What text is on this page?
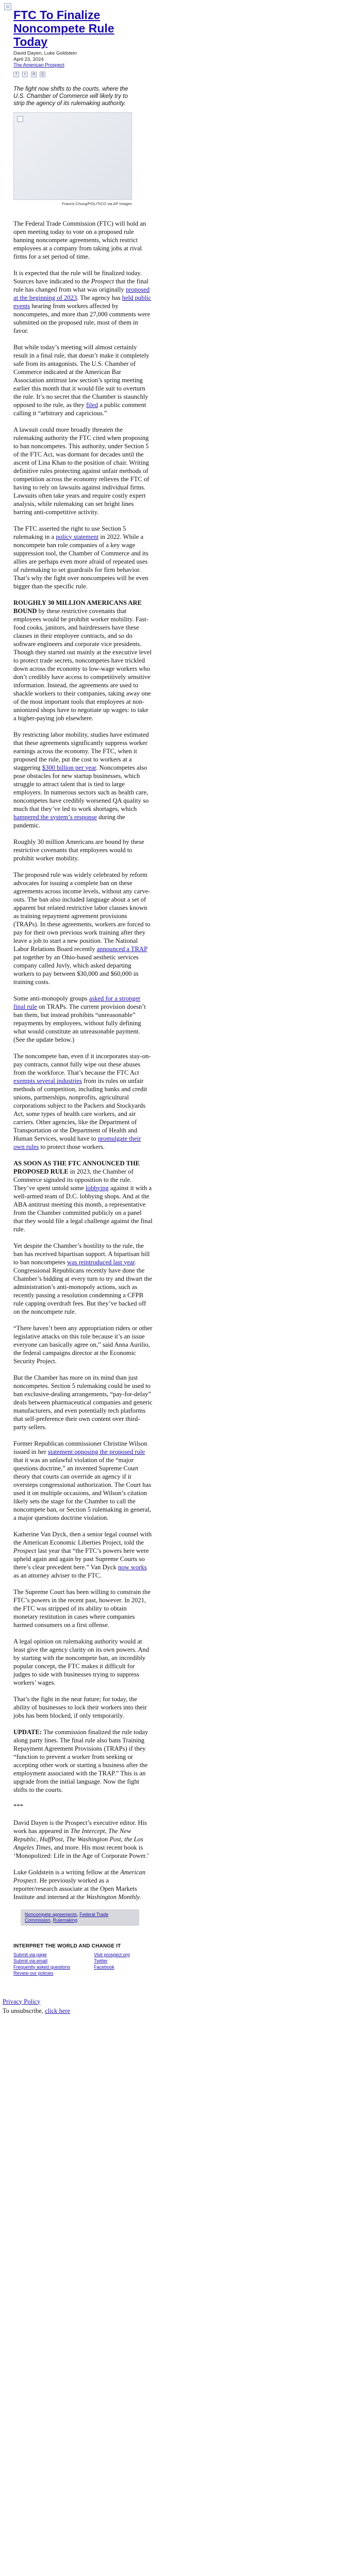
FTC To Finalize Noncompete Rule Today
David Dayen, Luke Goldstein
April 23, 2024
The American Prospect
f	t	✉	⎙
The fight now shifts to the courts, where the U.S. Chamber of Commerce will likely try to strip the agency of its rulemaking authority.
Francis Chung/POLITICO via AP Images

The Federal Trade Commission (FTC) will hold an open meeting today to vote on a proposed rule banning noncompete agreements, which restrict employees at a company from taking jobs at rival firms for a set period of time.

It is expected that the rule will be finalized today. Sources have indicated to the Prospect that the final rule has changed from what was originally proposed at the beginning of 2023. The agency has held public events hearing from workers affected by noncompetes, and more than 27,000 comments were submitted on the proposed rule, most of them in favor.

But while today’s meeting will almost certainly result in a final rule, that doesn’t make it completely safe from its antagonists. The U.S. Chamber of Commerce indicated at the American Bar Association antitrust law section’s spring meeting earlier this month that it would file suit to overturn the rule. It’s no secret that the Chamber is staunchly opposed to the rule, as they filed a public comment calling it “arbitrary and capricious.”

A lawsuit could more broadly threaten the rulemaking authority the FTC cited when proposing to ban noncompetes. This authority, under Section 5 of the FTC Act, was dormant for decades until the ascent of Lina Khan to the position of chair. Writing definitive rules protecting against unfair methods of competition across the economy relieves the FTC of having to rely on lawsuits against individual firms. Lawsuits often take years and require costly expert analysis, while rulemaking can set bright lines barring anti-competitive activity.

The FTC asserted the right to use Section 5 rulemaking in a policy statement in 2022. While a noncompete ban role companies of a key wage suppression tool, the Chamber of Commerce and its allies are perhaps even more afraid of repeated uses of rulemaking to set guardrails for firm behavior. That’s why the fight over noncompetes will be even bigger than the specific rule.

ROUGHLY 30 MILLION AMERICANS ARE BOUND by these restrictive covenants that employees would be prohibit worker mobility. Fast-food cooks, janitors, and hairdressers have these clauses in their employee contracts, and so do software engineers and corporate vice presidents. Though they started out mainly at the executive level to protect trade secrets, noncompetes have trickled down across the economy to low-wage workers who don’t credibly have access to competitively sensitive information. Instead, the agreements are used to shackle workers to their companies, taking away one of the most important tools that employees at non-unionized shops have to negotiate up wages: to take a higher-paying job elsewhere.

By restricting labor mobility, studies have estimated that these agreements significantly suppress worker earnings across the economy. The FTC, when it proposed the rule, put the cost to workers at a staggering $300 billion per year. Noncompetes also pose obstacles for new startup businesses, which struggle to attract talent that is tied to large employers. In numerous sectors such as health care, noncompetes have credibly worsened QA quality so much that they’ve led to work shortages, which hampered the system’s response during the pandemic.

Roughly 30 million Americans are bound by these restrictive covenants that employees would to prohibit worker mobility.

The proposed rule was widely celebrated by reform advocates for issuing a complete ban on these agreements across income levels, without any carve-outs. The ban also included language about a set of apparent but related restrictive labor clauses known as training repayment agreement provisions (TRAPs). In these agreements, workers are forced to pay for their own previous work training after they leave a job to start a new position. The National Labor Relations Board recently announced a TRAP pat together by an Ohio-based aesthetic services company called Juvly, which asked departing workers to pay between $30,000 and $60,000 in training costs.

Some anti-monopoly groups asked for a stronger final rule on TRAPs. The current provision doesn’t ban them, but instead prohibits “unreasonable” repayments by employees, without fully defining what would constitute an unreasonable payment. (See the update below.)

The noncompete ban, even if it incorporates stay-on-pay contracts, cannot fully wipe out these abuses from the workforce. That’s because the FTC Act exempts several industries from its rules on unfair methods of competition, including banks and credit unions, partnerships, nonprofits, agricultural corporations subject to the Packers and Stockyards Act, some types of health care workers, and air carriers. Other agencies, like the Department of Transportation or the Department of Health and Human Services, would have to promulgate their own rules to protect those workers.

AS SOON AS THE FTC ANNOUNCED THE PROPOSED RULE in 2023, the Chamber of Commerce signaled its opposition to the rule. They’ve spent untold some lobbying against it with a well-armed team of D.C. lobbying shops. And at the ABA antitrust meeting this month, a representative from the Chamber committed publicly on a panel that they would file a legal challenge against the final rule.

Yet despite the Chamber’s hostility to the rule, the ban has received bipartisan support. A bipartisan bill to ban noncompetes was reintroduced last year. Congressional Republicans recently have done the Chamber’s bidding at every turn to try and thwart the administration’s anti-monopoly actions, such as recently passing a resolution condemning a CFPB rule capping overdraft fees. But they’ve backed off on the noncompete rule.

“There haven’t been any appropriation riders or other legislative attacks on this rule because it’s an issue everyone can basically agree on,” said Anna Aurilio, the federal campaigns director at the Economic Security Project.

But the Chamber has more on its mind than just noncompetes. Section 5 rulemaking could be used to ban exclusive-dealing arrangements, “pay-for-delay” deals between pharmaceutical companies and generic manufacturers, and even potentially tech platforms that self-preference their own content over third-party sellers.

Former Republican commissioner Christine Wilson issued in her statement opposing the proposed rule that it was an unlawful violation of the “major questions doctrine,” an invented Supreme Court theory that courts can override an agency if it oversteps congressional authorization. The Court has used it on multiple occasions, and Wilson’s citation likely sets the stage for the Chamber to call the noncompete ban, or Section 5 rulemaking in general, a major questions doctrine violation.

Katherine Van Dyck, then a senior legal counsel with the American Economic Liberties Project, told the Prospect last year that “the FTC’s powers here were upheld again and again by past Supreme Courts so there’s clear precedent here.” Van Dyck now works as an attorney adviser to the FTC.

The Supreme Court has been willing to constrain the FTC’s powers in the recent past, however. In 2021, the FTC was stripped of its ability to obtain monetary restitution in cases where companies harmed consumers on a first offense.

A legal opinion on rulemaking authority would at least give the agency clarity on its own powers. And by starting with the noncompete ban, an incredibly popular concept, the FTC makes it difficult for judges to side with businesses trying to suppress workers’ wages.

That’s the fight in the near future; for today, the ability of businesses to lock their workers into their jobs has been blocked, if only temporarily.

UPDATE: The commission finalized the rule today along party lines. The final rule also bans Training Repayment Agreement Provisions (TRAPs) if they “function to prevent a worker from seeking or accepting other work or starting a business after the employment associated with the TRAP.” This is an upgrade from the initial language. Now the fight shifts to the courts.

***

David Dayen is the Prospect’s executive editor. His work has appeared in The Intercept, The New Republic, HuffPost, The Washington Post, the Los Angeles Times, and more. His most recent book is ‘Monopolized: Life in the Age of Corporate Power.’

Luke Goldstein is a writing fellow at the American Prospect. He previously worked as a reporter/research associate at the Open Markets Institute and interned at the Washington Monthly.

Noncompete agreements, Federal Trade Commission, Rulemaking
INTERPRET THE WORLD AND CHANGE IT
Submit via page
Submit via email
Frequently asked questions
Review our policies
Visit prospect.org
Twitter
Facebook
Privacy Policy
To unsubscribe, click here
